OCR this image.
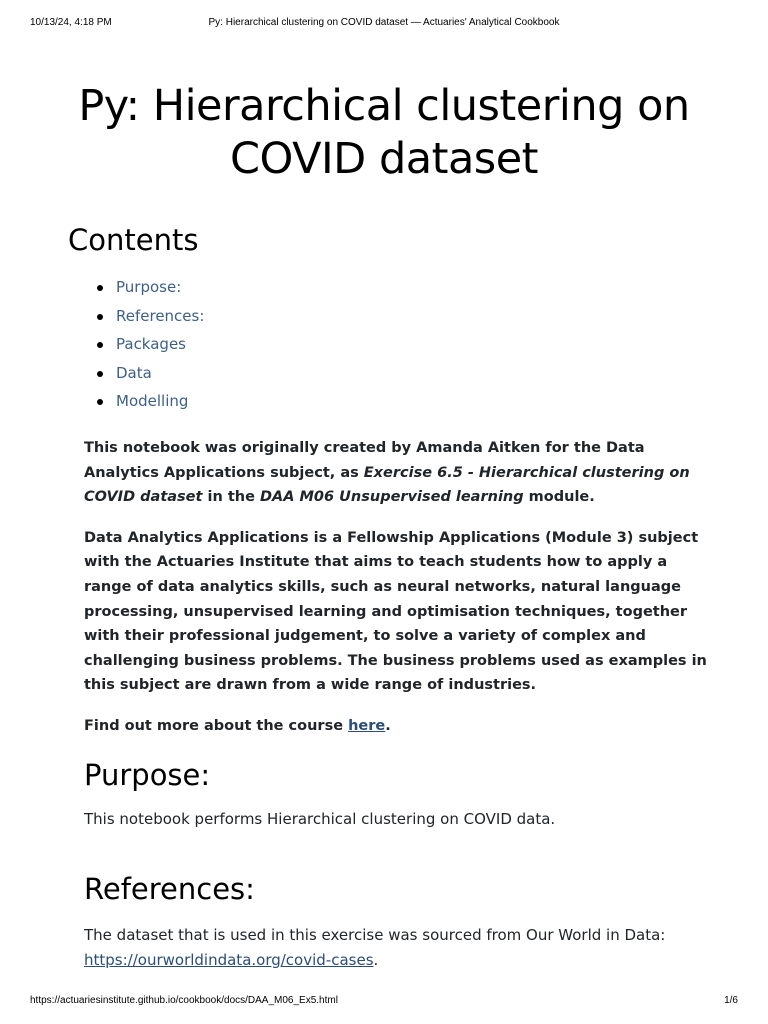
10/13/24, 4:18 PM	Py: Hierarchical clustering on COVID dataset — Actuaries' Analytical Cookbook
Py: Hierarchical clustering on
COVID dataset
Contents
Purpose:
References:
Packages
Data
Modelling

This notebook was originally created by Amanda Aitken for the Data Analytics Applications subject, as Exercise 6.5 - Hierarchical clustering on COVID dataset in the DAA M06 Unsupervised learning module.

Data Analytics Applications is a Fellowship Applications (Module 3) subject with the Actuaries Institute that aims to teach students how to apply a range of data analytics skills, such as neural networks, natural language processing, unsupervised learning and optimisation techniques, together with their professional judgement, to solve a variety of complex and challenging business problems. The business problems used as examples in this subject are drawn from a wide range of industries.

Find out more about the course here.

Purpose:

This notebook performs Hierarchical clustering on COVID data.

References:

The dataset that is used in this exercise was sourced from Our World in Data: https://ourworldindata.org/covid-cases.

https://actuariesinstitute.github.io/cookbook/docs/DAA_M06_Ex5.html	1/6
